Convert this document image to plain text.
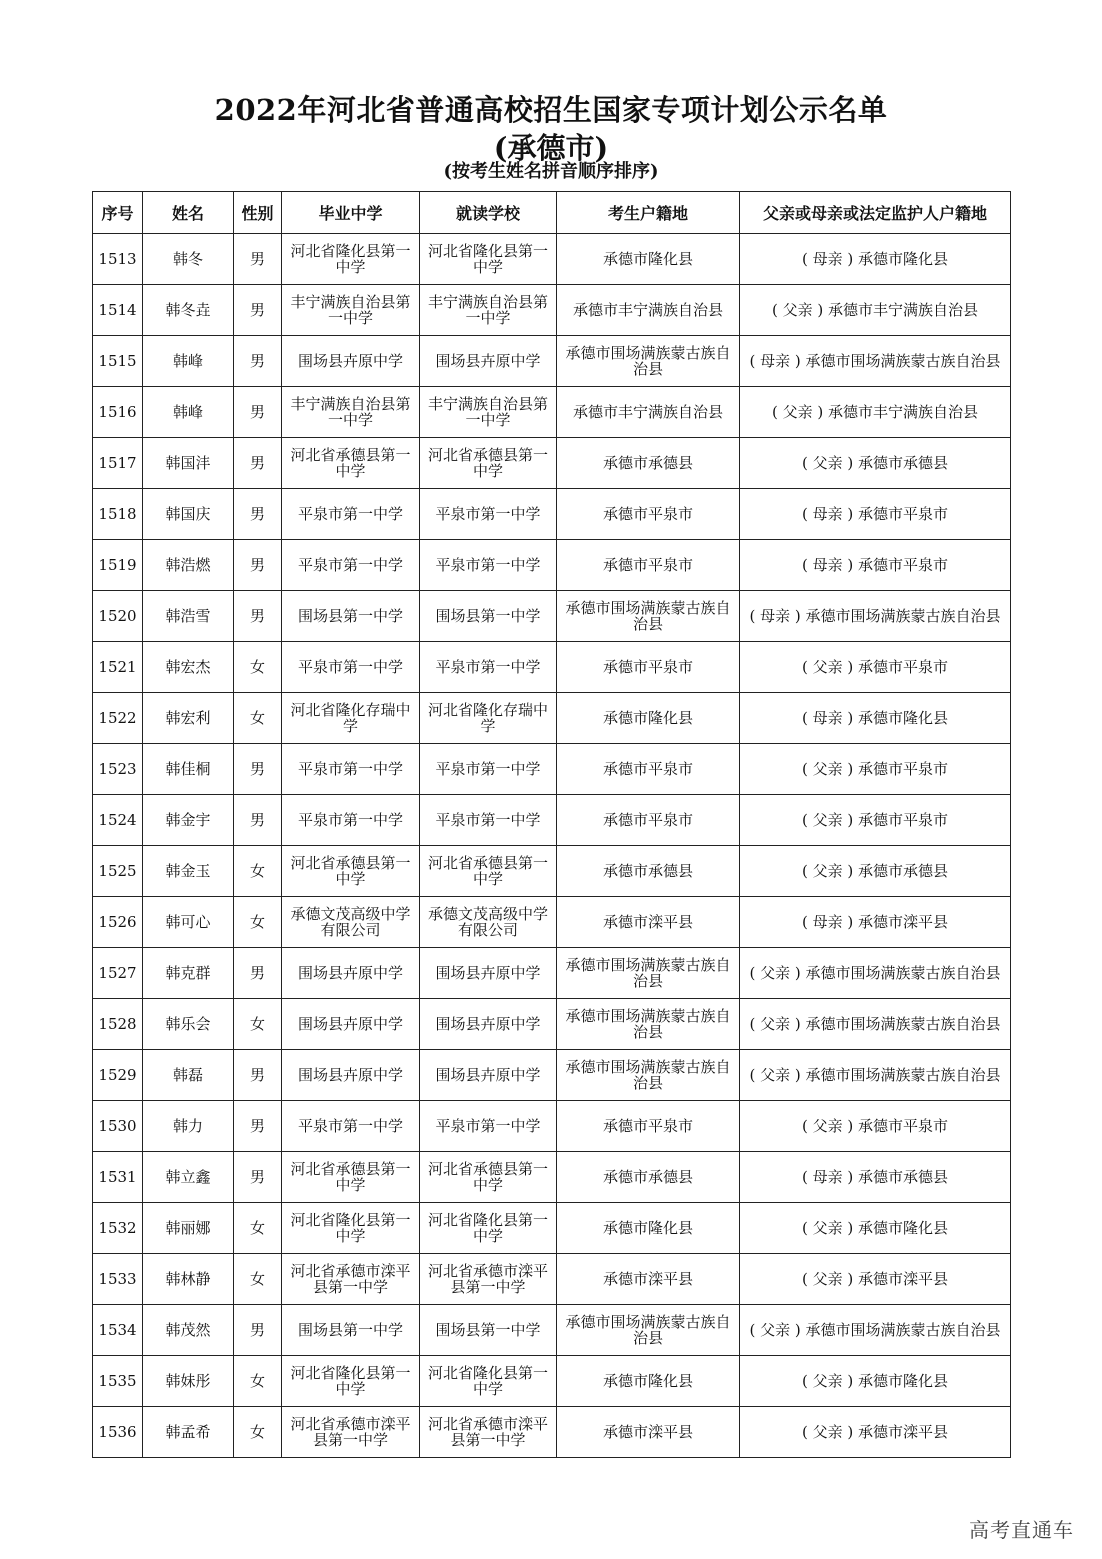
2022年河北省普通高校招生国家专项计划公示名单
(承德市)
(按考生姓名拼音顺序排序)
序号	姓名	性别	毕业中学	就读学校	考生户籍地	父亲或母亲或法定监护人户籍地
1513	韩冬	男	河北省隆化县第一中学	河北省隆化县第一中学	承德市隆化县	( 母亲 ) 承德市隆化县
1514	韩冬垚	男	丰宁满族自治县第一中学	丰宁满族自治县第一中学	承德市丰宁满族自治县	( 父亲 ) 承德市丰宁满族自治县
1515	韩峰	男	围场县卉原中学	围场县卉原中学	承德市围场满族蒙古族自治县	( 母亲 ) 承德市围场满族蒙古族自治县
1516	韩峰	男	丰宁满族自治县第一中学	丰宁满族自治县第一中学	承德市丰宁满族自治县	( 父亲 ) 承德市丰宁满族自治县
1517	韩国沣	男	河北省承德县第一中学	河北省承德县第一中学	承德市承德县	( 父亲 ) 承德市承德县
1518	韩国庆	男	平泉市第一中学	平泉市第一中学	承德市平泉市	( 母亲 ) 承德市平泉市
1519	韩浩燃	男	平泉市第一中学	平泉市第一中学	承德市平泉市	( 母亲 ) 承德市平泉市
1520	韩浩雪	男	围场县第一中学	围场县第一中学	承德市围场满族蒙古族自治县	( 母亲 ) 承德市围场满族蒙古族自治县
1521	韩宏杰	女	平泉市第一中学	平泉市第一中学	承德市平泉市	( 父亲 ) 承德市平泉市
1522	韩宏利	女	河北省隆化存瑞中学	河北省隆化存瑞中学	承德市隆化县	( 母亲 ) 承德市隆化县
1523	韩佳桐	男	平泉市第一中学	平泉市第一中学	承德市平泉市	( 父亲 ) 承德市平泉市
1524	韩金宇	男	平泉市第一中学	平泉市第一中学	承德市平泉市	( 父亲 ) 承德市平泉市
1525	韩金玉	女	河北省承德县第一中学	河北省承德县第一中学	承德市承德县	( 父亲 ) 承德市承德县
1526	韩可心	女	承德文茂高级中学有限公司	承德文茂高级中学有限公司	承德市滦平县	( 母亲 ) 承德市滦平县
1527	韩克群	男	围场县卉原中学	围场县卉原中学	承德市围场满族蒙古族自治县	( 父亲 ) 承德市围场满族蒙古族自治县
1528	韩乐会	女	围场县卉原中学	围场县卉原中学	承德市围场满族蒙古族自治县	( 父亲 ) 承德市围场满族蒙古族自治县
1529	韩磊	男	围场县卉原中学	围场县卉原中学	承德市围场满族蒙古族自治县	( 父亲 ) 承德市围场满族蒙古族自治县
1530	韩力	男	平泉市第一中学	平泉市第一中学	承德市平泉市	( 父亲 ) 承德市平泉市
1531	韩立鑫	男	河北省承德县第一中学	河北省承德县第一中学	承德市承德县	( 母亲 ) 承德市承德县
1532	韩丽娜	女	河北省隆化县第一中学	河北省隆化县第一中学	承德市隆化县	( 父亲 ) 承德市隆化县
1533	韩林静	女	河北省承德市滦平县第一中学	河北省承德市滦平县第一中学	承德市滦平县	( 父亲 ) 承德市滦平县
1534	韩茂然	男	围场县第一中学	围场县第一中学	承德市围场满族蒙古族自治县	( 父亲 ) 承德市围场满族蒙古族自治县
1535	韩妹彤	女	河北省隆化县第一中学	河北省隆化县第一中学	承德市隆化县	( 父亲 ) 承德市隆化县
1536	韩孟希	女	河北省承德市滦平县第一中学	河北省承德市滦平县第一中学	承德市滦平县	( 父亲 ) 承德市滦平县
高考直通车
